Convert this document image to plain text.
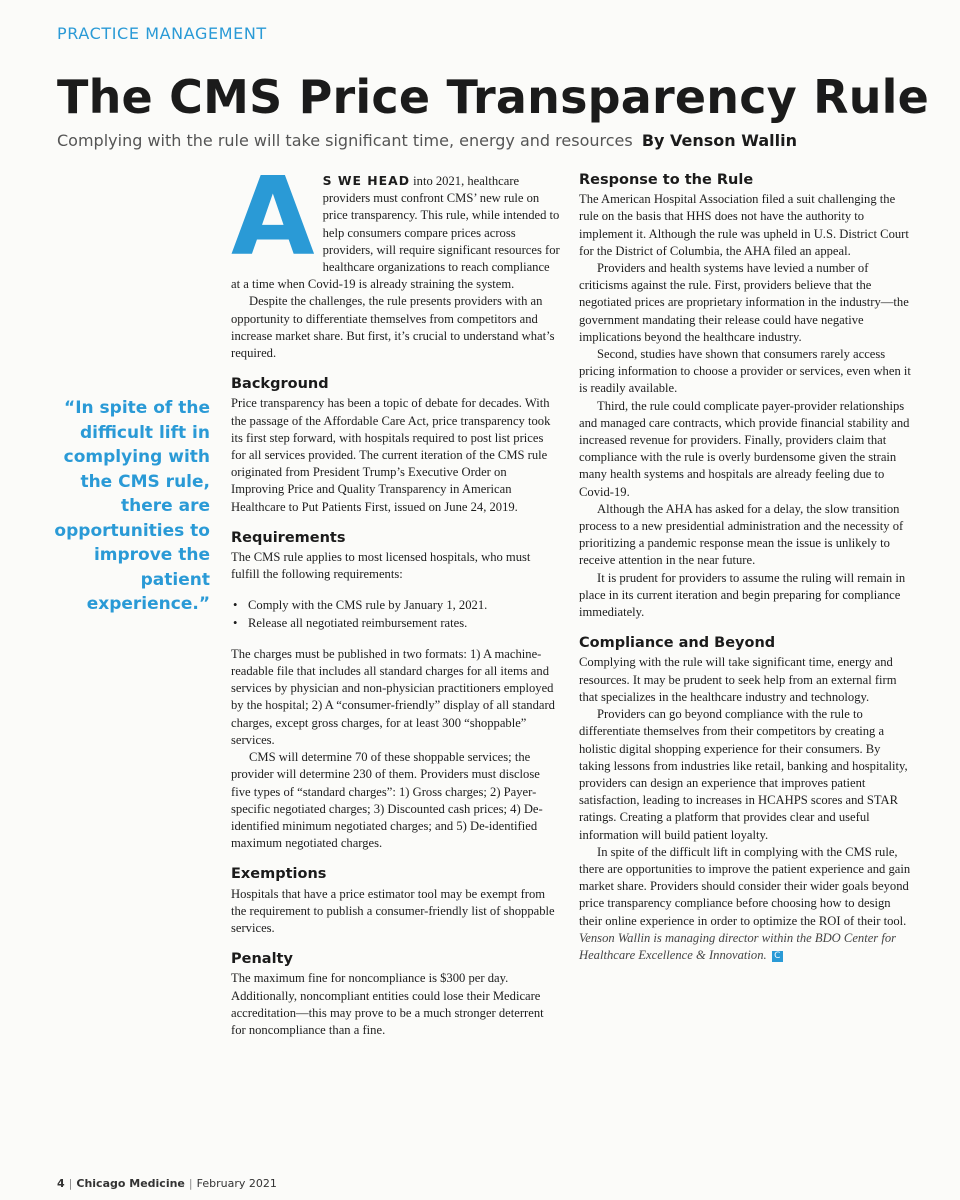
PRACTICE MANAGEMENT
The CMS Price Transparency Rule
Complying with the rule will take significant time, energy and resources By Venson Wallin
“In spite of the difficult lift in complying with the CMS rule, there are opportunities to improve the patient experience.”

A S WE HEAD into 2021, healthcare providers must confront CMS’ new rule on price transparency. This rule, while intended to help consumers compare prices across providers, will require significant resources for healthcare organizations to reach compliance at a time when Covid-19 is already straining the system.

Despite the challenges, the rule presents providers with an opportunity to differentiate themselves from competitors and increase market share. But first, it’s crucial to understand what’s required.

Background

Price transparency has been a topic of debate for decades. With the passage of the Affordable Care Act, price transparency took its first step forward, with hospitals required to post list prices for all services provided. The current iteration of the CMS rule originated from President Trump’s Executive Order on Improving Price and Quality Transparency in American Healthcare to Put Patients First, issued on June 24, 2019.

Requirements

The CMS rule applies to most licensed hospitals, who must fulfill the following requirements:

• Comply with the CMS rule by January 1, 2021.
• Release all negotiated reimbursement rates.

The charges must be published in two formats: 1) A machine-readable file that includes all standard charges for all items and services by physician and non-physician practitioners employed by the hospital; 2) A “consumer-friendly” display of all standard charges, except gross charges, for at least 300 “shoppable” services.

CMS will determine 70 of these shoppable services; the provider will determine 230 of them. Providers must disclose five types of “standard charges”: 1) Gross charges; 2) Payer-specific negotiated charges; 3) Discounted cash prices; 4) De-identified minimum negotiated charges; and 5) De-identified maximum negotiated charges.

Exemptions

Hospitals that have a price estimator tool may be exempt from the requirement to publish a consumer-friendly list of shoppable services.

Penalty

The maximum fine for noncompliance is $300 per day. Additionally, noncompliant entities could lose their Medicare accreditation—this may prove to be a much stronger deterrent for noncompliance than a fine.

Response to the Rule

The American Hospital Association filed a suit challenging the rule on the basis that HHS does not have the authority to implement it. Although the rule was upheld in U.S. District Court for the District of Columbia, the AHA filed an appeal.

Providers and health systems have levied a number of criticisms against the rule. First, providers believe that the negotiated prices are proprietary information in the industry—the government mandating their release could have negative implications beyond the healthcare industry.

Second, studies have shown that consumers rarely access pricing information to choose a provider or services, even when it is readily available.

Third, the rule could complicate payer-provider relationships and managed care contracts, which provide financial stability and increased revenue for providers. Finally, providers claim that compliance with the rule is overly burdensome given the strain many health systems and hospitals are already feeling due to Covid-19.

Although the AHA has asked for a delay, the slow transition process to a new presidential administration and the necessity of prioritizing a pandemic response mean the issue is unlikely to receive attention in the near future.

It is prudent for providers to assume the ruling will remain in place in its current iteration and begin preparing for compliance immediately.

Compliance and Beyond

Complying with the rule will take significant time, energy and resources. It may be prudent to seek help from an external firm that specializes in the healthcare industry and technology.

Providers can go beyond compliance with the rule to differentiate themselves from their competitors by creating a holistic digital shopping experience for their consumers. By taking lessons from industries like retail, banking and hospitality, providers can design an experience that improves patient satisfaction, leading to increases in HCAHPS scores and STAR ratings. Creating a platform that provides clear and useful information will build patient loyalty.

In spite of the difficult lift in complying with the CMS rule, there are opportunities to improve the patient experience and gain market share. Providers should consider their wider goals beyond price transparency compliance before choosing how to design their online experience in order to optimize the ROI of their tool.

Venson Wallin is managing director within the BDO Center for Healthcare Excellence & Innovation. C

4 | Chicago Medicine | February 2021
